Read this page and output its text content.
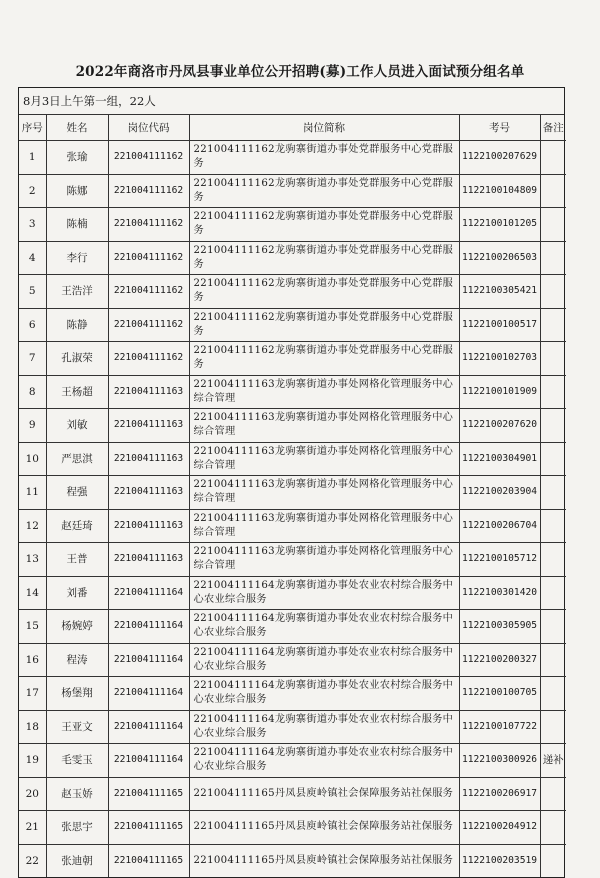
2022年商洛市丹凤县事业单位公开招聘(募)工作人员进入面试预分组名单
8月3日上午第一组，22人
序号	姓名	岗位代码	岗位简称	考号	备注
1	张瑜	221004111162	221004111162龙驹寨街道办事处党群服务中心党群服务	1122100207629	
2	陈娜	221004111162	221004111162龙驹寨街道办事处党群服务中心党群服务	1122100104809	
3	陈楠	221004111162	221004111162龙驹寨街道办事处党群服务中心党群服务	1122100101205	
4	李行	221004111162	221004111162龙驹寨街道办事处党群服务中心党群服务	1122100206503	
5	王浩洋	221004111162	221004111162龙驹寨街道办事处党群服务中心党群服务	1122100305421	
6	陈静	221004111162	221004111162龙驹寨街道办事处党群服务中心党群服务	1122100100517	
7	孔淑荣	221004111162	221004111162龙驹寨街道办事处党群服务中心党群服务	1122100102703	
8	王杨超	221004111163	221004111163龙驹寨街道办事处网格化管理服务中心综合管理	1122100101909	
9	刘敏	221004111163	221004111163龙驹寨街道办事处网格化管理服务中心综合管理	1122100207620	
10	严思淇	221004111163	221004111163龙驹寨街道办事处网格化管理服务中心综合管理	1122100304901	
11	程强	221004111163	221004111163龙驹寨街道办事处网格化管理服务中心综合管理	1122100203904	
12	赵廷琦	221004111163	221004111163龙驹寨街道办事处网格化管理服务中心综合管理	1122100206704	
13	王普	221004111163	221004111163龙驹寨街道办事处网格化管理服务中心综合管理	1122100105712	
14	刘番	221004111164	221004111164龙驹寨街道办事处农业农村综合服务中心农业综合服务	1122100301420	
15	杨婉婷	221004111164	221004111164龙驹寨街道办事处农业农村综合服务中心农业综合服务	1122100305905	
16	程涛	221004111164	221004111164龙驹寨街道办事处农业农村综合服务中心农业综合服务	1122100200327	
17	杨堡翔	221004111164	221004111164龙驹寨街道办事处农业农村综合服务中心农业综合服务	1122100100705	
18	王亚文	221004111164	221004111164龙驹寨街道办事处农业农村综合服务中心农业综合服务	1122100107722	
19	毛雯玉	221004111164	221004111164龙驹寨街道办事处农业农村综合服务中心农业综合服务	1122100300926	递补
20	赵玉娇	221004111165	221004111165丹凤县庾岭镇社会保障服务站社保服务	1122100206917	
21	张思宇	221004111165	221004111165丹凤县庾岭镇社会保障服务站社保服务	1122100204912	
22	张迪朝	221004111165	221004111165丹凤县庾岭镇社会保障服务站社保服务	1122100203519	
